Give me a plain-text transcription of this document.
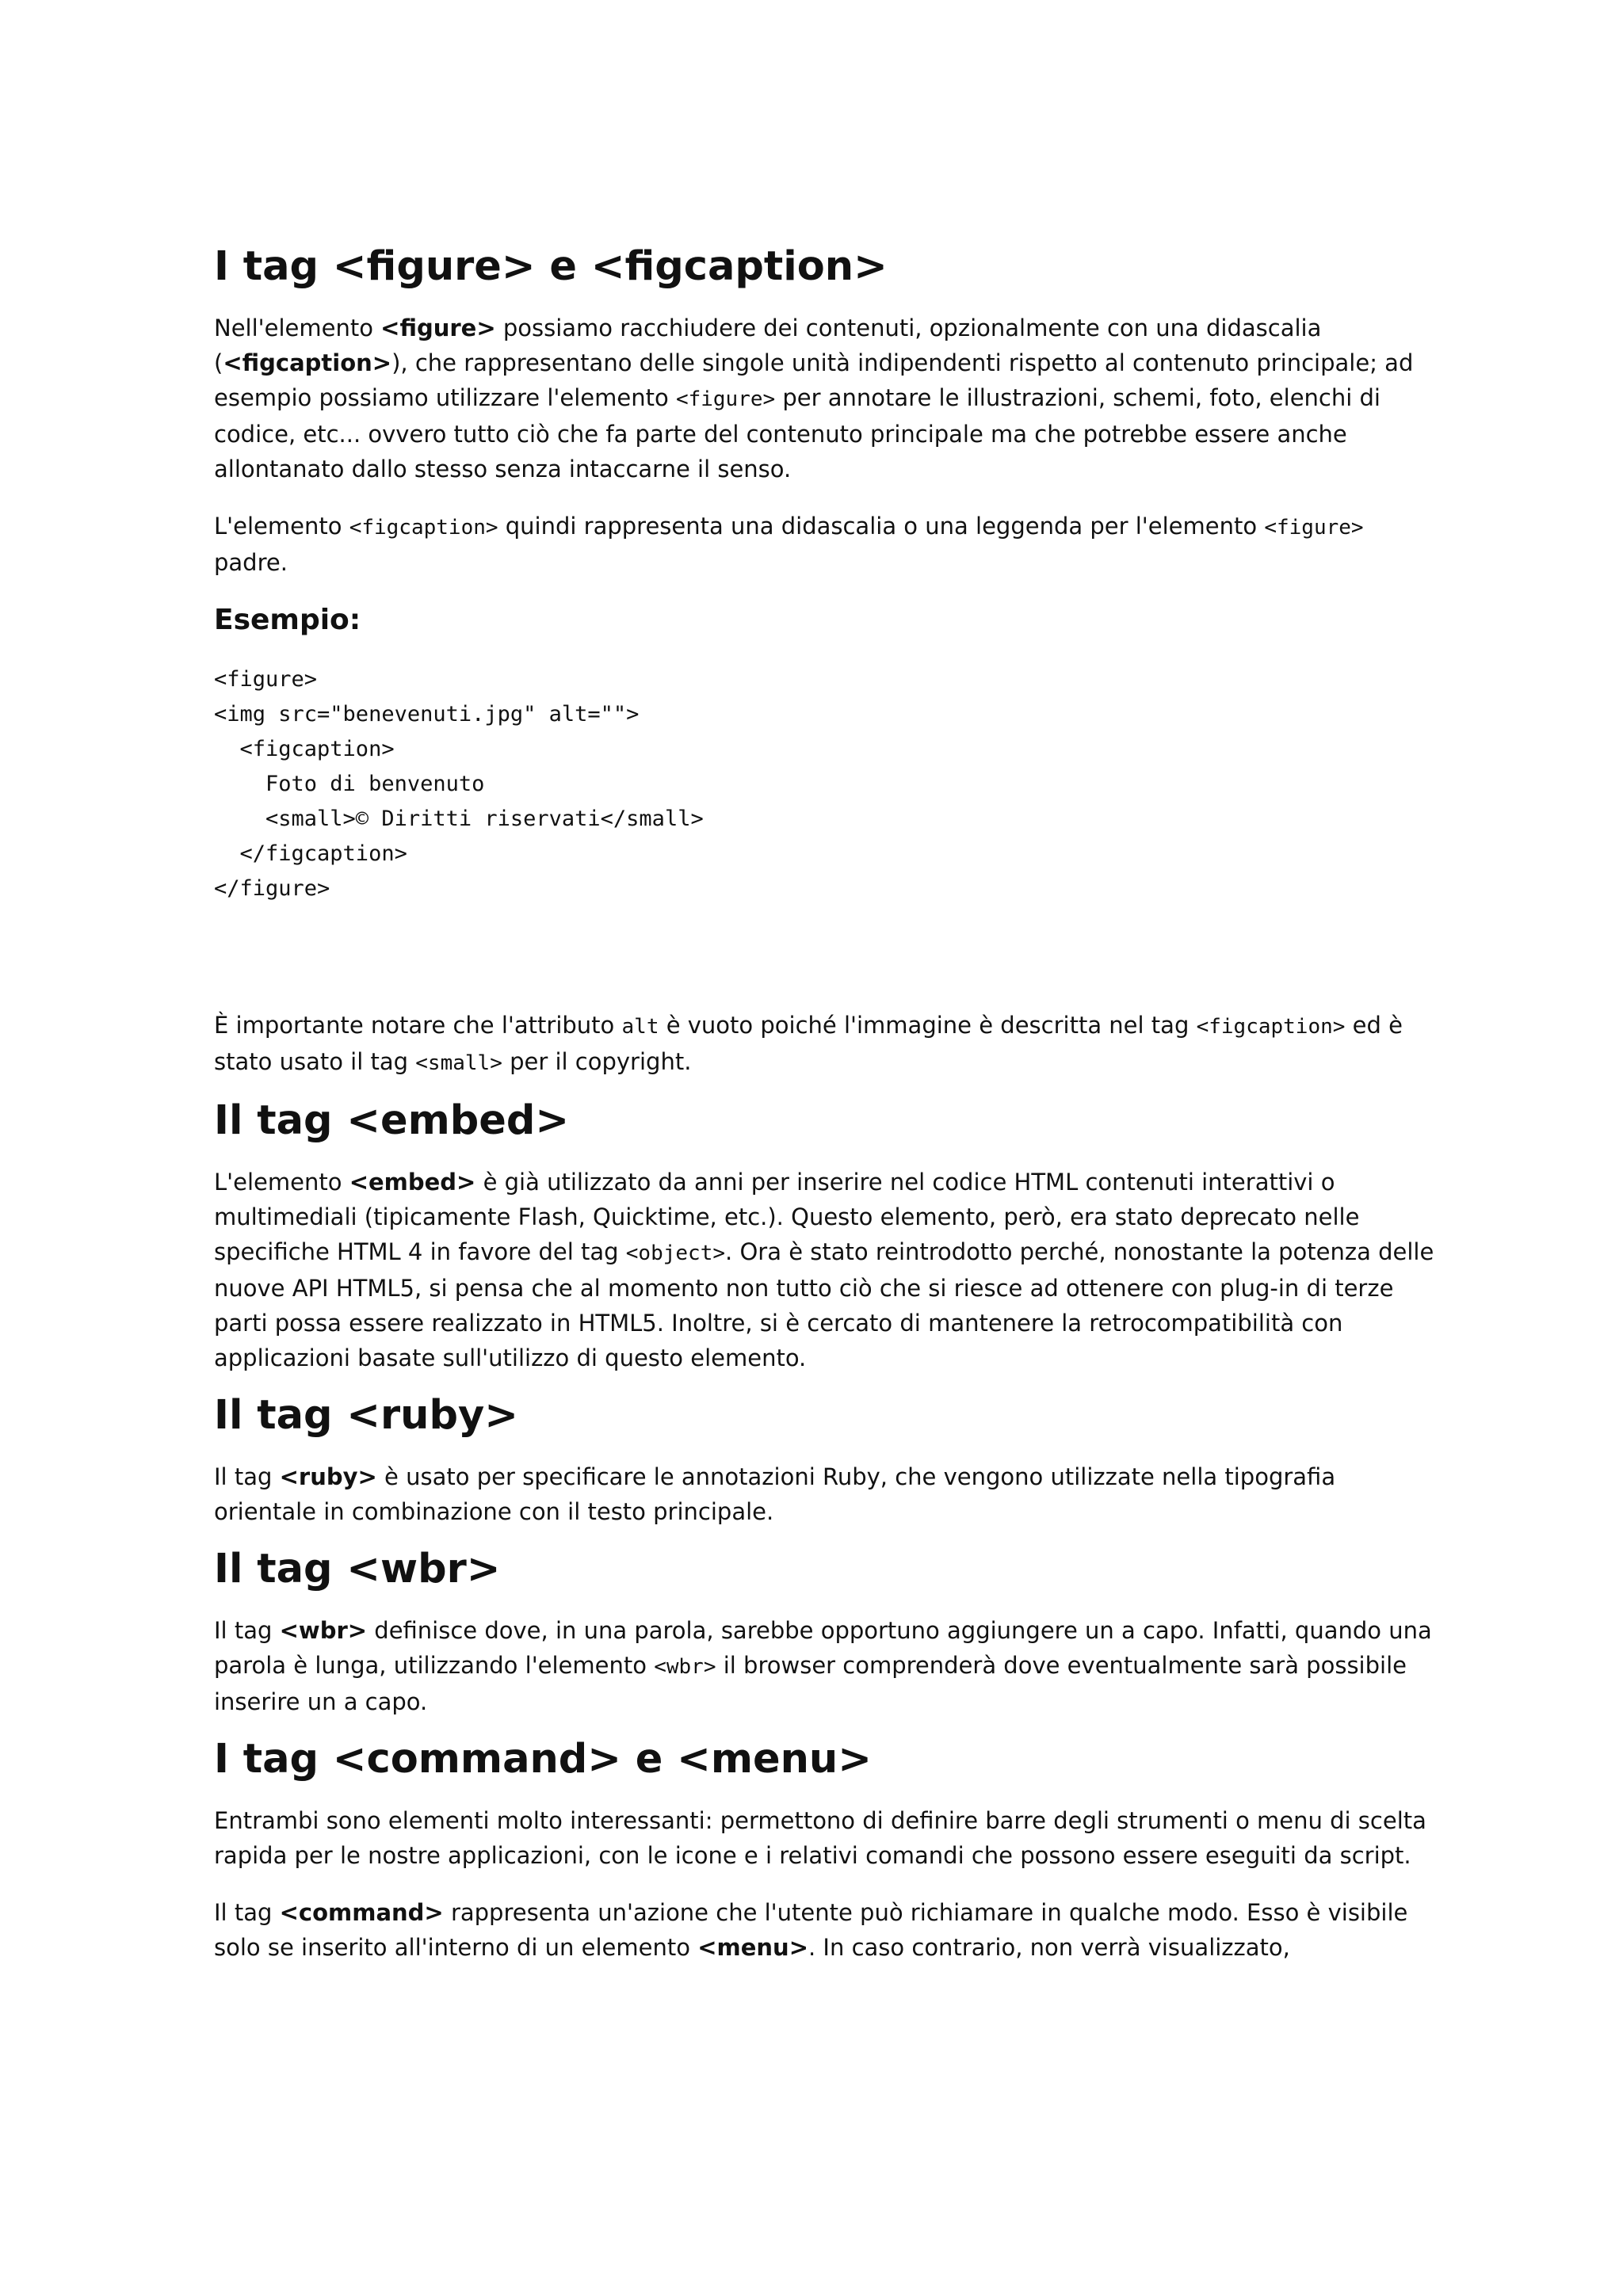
I tag <figure> e <figcaption>

Nell'elemento <figure> possiamo racchiudere dei contenuti, opzionalmente con una didascalia (<figcaption>), che rappresentano delle singole unità indipendenti rispetto al contenuto principale; ad esempio possiamo utilizzare l'elemento <figure> per annotare le illustrazioni, schemi, foto, elenchi di codice, etc... ovvero tutto ciò che fa parte del contenuto principale ma che potrebbe essere anche allontanato dallo stesso senza intaccarne il senso.

L'elemento <figcaption> quindi rappresenta una didascalia o una leggenda per l'elemento <figure> padre.

Esempio:
<figure>
<img src="benevenuti.jpg" alt="">
<figcaption>
Foto di benvenuto
<small>© Diritti riservati</small>
</figcaption>
</figure>

È importante notare che l'attributo alt è vuoto poiché l'immagine è descritta nel tag <figcaption> ed è stato usato il tag <small> per il copyright.

Il tag <embed>

L'elemento <embed> è già utilizzato da anni per inserire nel codice HTML contenuti interattivi o multimediali (tipicamente Flash, Quicktime, etc.). Questo elemento, però, era stato deprecato nelle specifiche HTML 4 in favore del tag <object>. Ora è stato reintrodotto perché, nonostante la potenza delle nuove API HTML5, si pensa che al momento non tutto ciò che si riesce ad ottenere con plug-in di terze parti possa essere realizzato in HTML5. Inoltre, si è cercato di mantenere la retrocompatibilità con applicazioni basate sull'utilizzo di questo elemento.

Il tag <ruby>

Il tag <ruby> è usato per specificare le annotazioni Ruby, che vengono utilizzate nella tipografia orientale in combinazione con il testo principale.

Il tag <wbr>

Il tag <wbr> definisce dove, in una parola, sarebbe opportuno aggiungere un a capo. Infatti, quando una parola è lunga, utilizzando l'elemento <wbr> il browser comprenderà dove eventualmente sarà possibile inserire un a capo.

I tag <command> e <menu>

Entrambi sono elementi molto interessanti: permettono di definire barre degli strumenti o menu di scelta rapida per le nostre applicazioni, con le icone e i relativi comandi che possono essere eseguiti da script.

Il tag <command> rappresenta un'azione che l'utente può richiamare in qualche modo. Esso è visibile solo se inserito all'interno di un elemento <menu>. In caso contrario, non verrà visualizzato,
